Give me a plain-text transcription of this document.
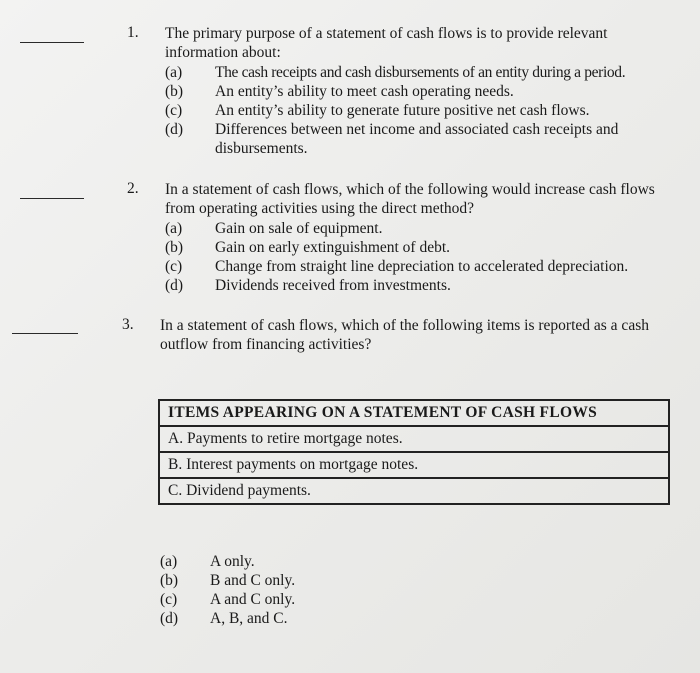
1. The primary purpose of a statement of cash flows is to provide relevant information about:
(a) The cash receipts and cash disbursements of an entity during a period.
(b) An entity’s ability to meet cash operating needs.
(c) An entity’s ability to generate future positive net cash flows.
(d) Differences between net income and associated cash receipts and
disbursements.
2. In a statement of cash flows, which of the following would increase cash flows from operating activities using the direct method?
(a) Gain on sale of equipment.
(b) Gain on early extinguishment of debt.
(c) Change from straight line depreciation to accelerated depreciation.
(d) Dividends received from investments.
3. In a statement of cash flows, which of the following items is reported as a cash outflow from financing activities?
ITEMS APPEARING ON A STATEMENT OF CASH FLOWS
A. Payments to retire mortgage notes.
B. Interest payments on mortgage notes.
C. Dividend payments.
(a) A only.
(b) B and C only.
(c) A and C only.
(d) A, B, and C.
